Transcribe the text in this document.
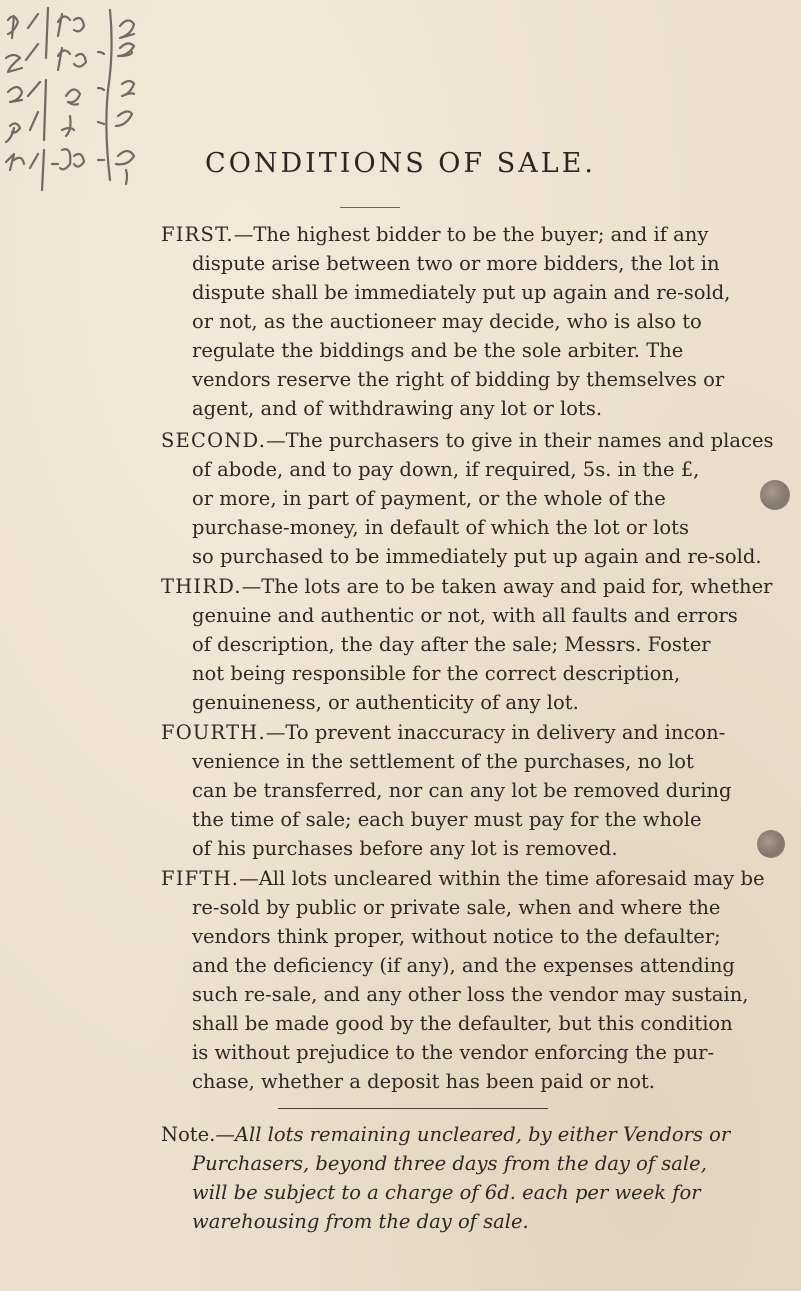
CONDITIONS OF SALE.
FIRST.—The highest bidder to be the buyer; and if any
dispute arise between two or more bidders, the lot in
dispute shall be immediately put up again and re-sold,
or not, as the auctioneer may decide, who is also to
regulate the biddings and be the sole arbiter. The
vendors reserve the right of bidding by themselves or
agent, and of withdrawing any lot or lots.
SECOND.—The purchasers to give in their names and places
of abode, and to pay down, if required, 5s. in the £,
or more, in part of payment, or the whole of the
purchase-money, in default of which the lot or lots
so purchased to be immediately put up again and re-sold.
THIRD.—The lots are to be taken away and paid for, whether
genuine and authentic or not, with all faults and errors
of description, the day after the sale; Messrs. Foster
not being responsible for the correct description,
genuineness, or authenticity of any lot.
FOURTH.—To prevent inaccuracy in delivery and incon-
venience in the settlement of the purchases, no lot
can be transferred, nor can any lot be removed during
the time of sale; each buyer must pay for the whole
of his purchases before any lot is removed.
FIFTH.—All lots uncleared within the time aforesaid may be
re-sold by public or private sale, when and where the
vendors think proper, without notice to the defaulter;
and the deficiency (if any), and the expenses attending
such re-sale, and any other loss the vendor may sustain,
shall be made good by the defaulter, but this condition
is without prejudice to the vendor enforcing the pur-
chase, whether a deposit has been paid or not.
Note.—All lots remaining uncleared, by either Vendors or
Purchasers, beyond three days from the day of sale,
will be subject to a charge of 6d. each per week for
warehousing from the day of sale.
